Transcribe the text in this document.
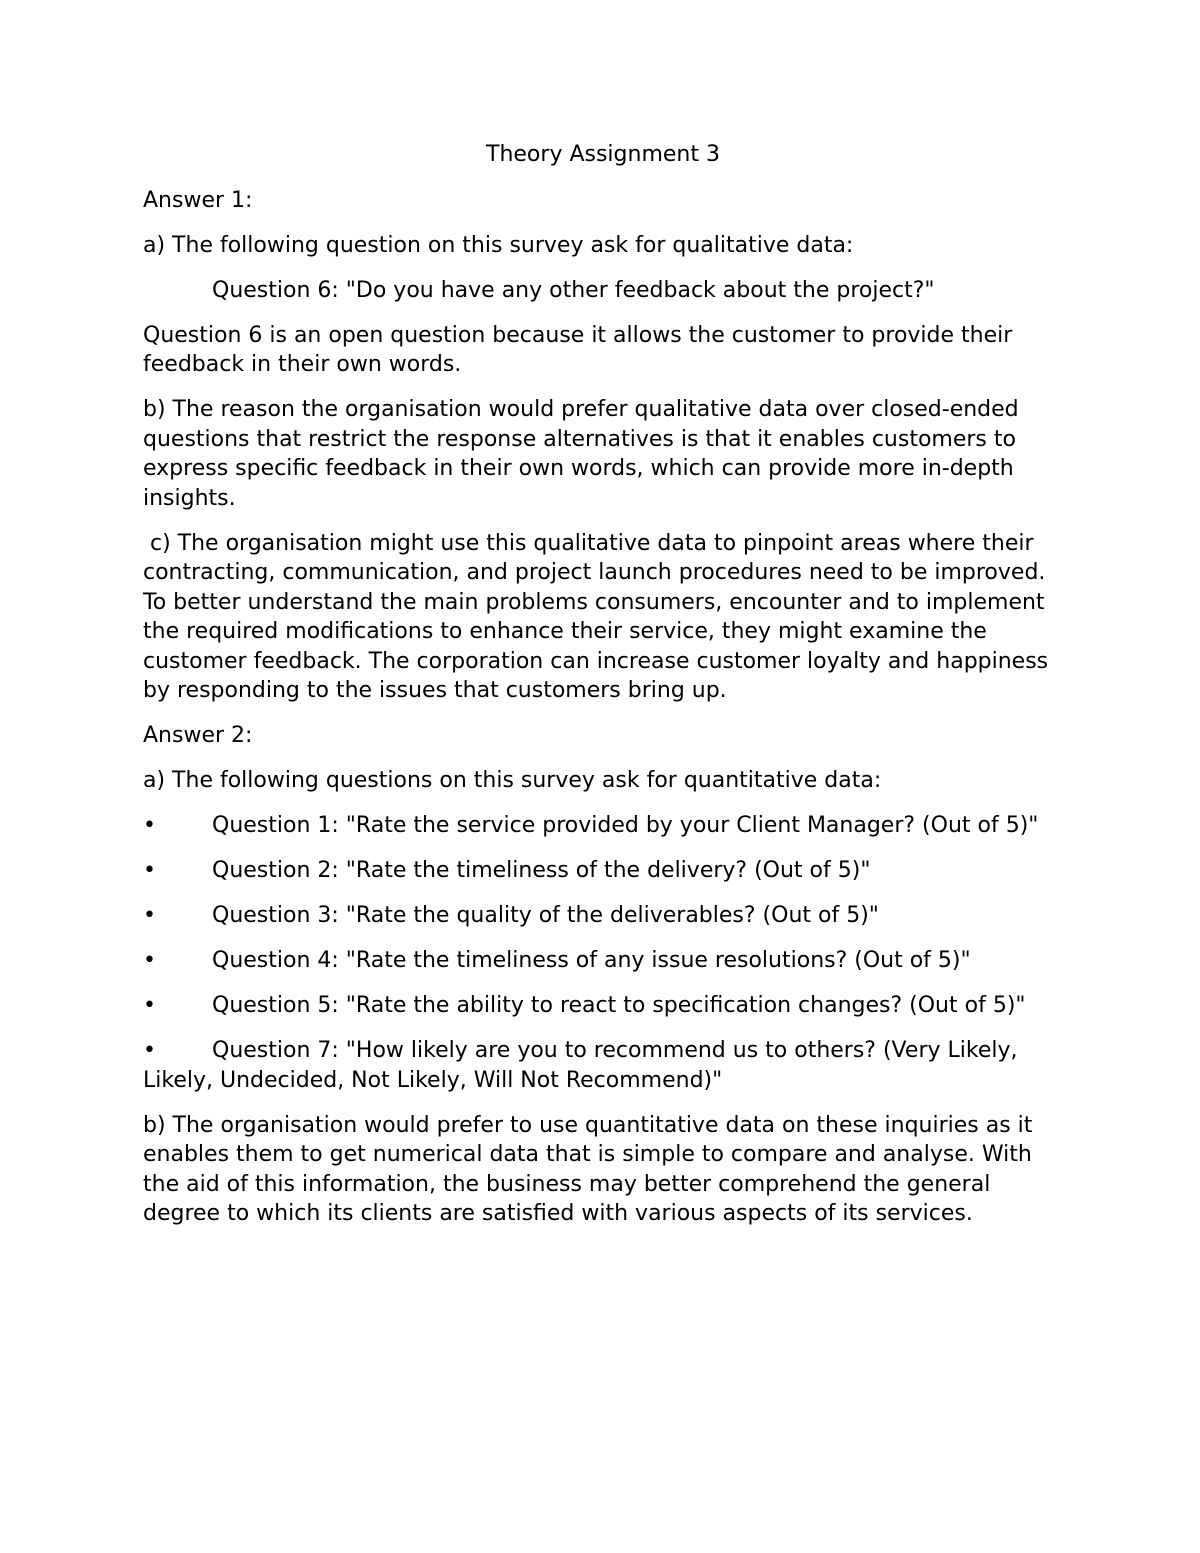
Theory Assignment 3

Answer 1:

a) The following question on this survey ask for qualitative data:

Question 6: "Do you have any other feedback about the project?"

Question 6 is an open question because it allows the customer to provide their feedback in their own words.

b) The reason the organisation would prefer qualitative data over closed-ended questions that restrict the response alternatives is that it enables customers to express specific feedback in their own words, which can provide more in-depth insights.

c) The organisation might use this qualitative data to pinpoint areas where their contracting, communication, and project launch procedures need to be improved. To better understand the main problems consumers, encounter and to implement the required modifications to enhance their service, they might examine the customer feedback. The corporation can increase customer loyalty and happiness by responding to the issues that customers bring up.

Answer 2:

a) The following questions on this survey ask for quantitative data:

•	Question 1: "Rate the service provided by your Client Manager? (Out of 5)"
•	Question 2: "Rate the timeliness of the delivery? (Out of 5)"
•	Question 3: "Rate the quality of the deliverables? (Out of 5)"
•	Question 4: "Rate the timeliness of any issue resolutions? (Out of 5)"
•	Question 5: "Rate the ability to react to specification changes? (Out of 5)"
•	Question 7: "How likely are you to recommend us to others? (Very Likely, Likely, Undecided, Not Likely, Will Not Recommend)"

b) The organisation would prefer to use quantitative data on these inquiries as it enables them to get numerical data that is simple to compare and analyse. With the aid of this information, the business may better comprehend the general degree to which its clients are satisfied with various aspects of its services.
